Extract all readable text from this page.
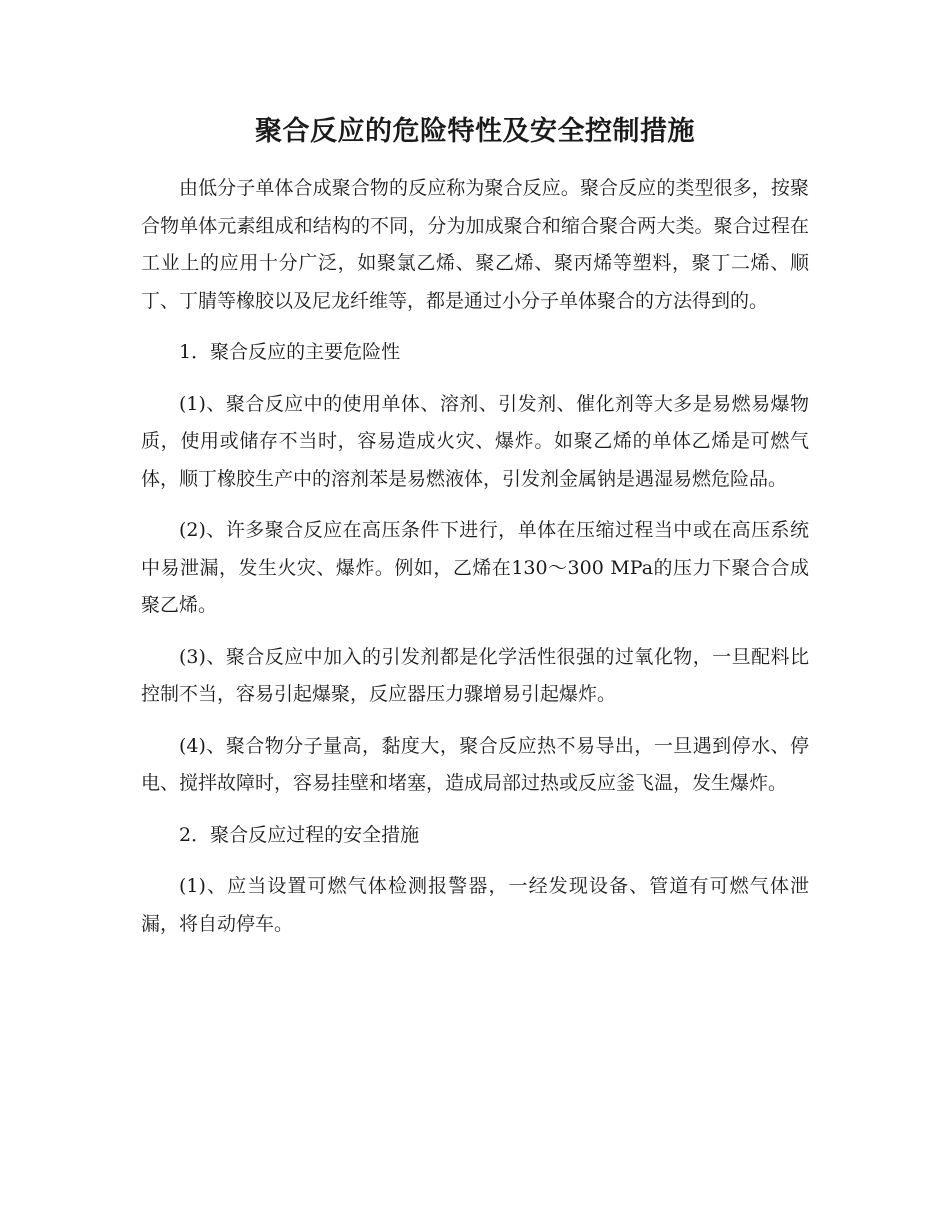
聚合反应的危险特性及安全控制措施

由低分子单体合成聚合物的反应称为聚合反应。聚合反应的类型很多，按聚合物单体元素组成和结构的不同，分为加成聚合和缩合聚合两大类。聚合过程在工业上的应用十分广泛，如聚氯乙烯、聚乙烯、聚丙烯等塑料，聚丁二烯、顺丁、丁腈等橡胶以及尼龙纤维等，都是通过小分子单体聚合的方法得到的。

1．聚合反应的主要危险性

(1)、聚合反应中的使用单体、溶剂、引发剂、催化剂等大多是易燃易爆物质，使用或储存不当时，容易造成火灾、爆炸。如聚乙烯的单体乙烯是可燃气体，顺丁橡胶生产中的溶剂苯是易燃液体，引发剂金属钠是遇湿易燃危险品。

(2)、许多聚合反应在高压条件下进行，单体在压缩过程当中或在高压系统中易泄漏，发生火灾、爆炸。例如，乙烯在130～300 MPa的压力下聚合合成聚乙烯。

(3)、聚合反应中加入的引发剂都是化学活性很强的过氧化物，一旦配料比控制不当，容易引起爆聚，反应器压力骤增易引起爆炸。

(4)、聚合物分子量高，黏度大，聚合反应热不易导出，一旦遇到停水、停电、搅拌故障时，容易挂壁和堵塞，造成局部过热或反应釜飞温，发生爆炸。

2．聚合反应过程的安全措施

(1)、应当设置可燃气体检测报警器，一经发现设备、管道有可燃气体泄漏，将自动停车。
